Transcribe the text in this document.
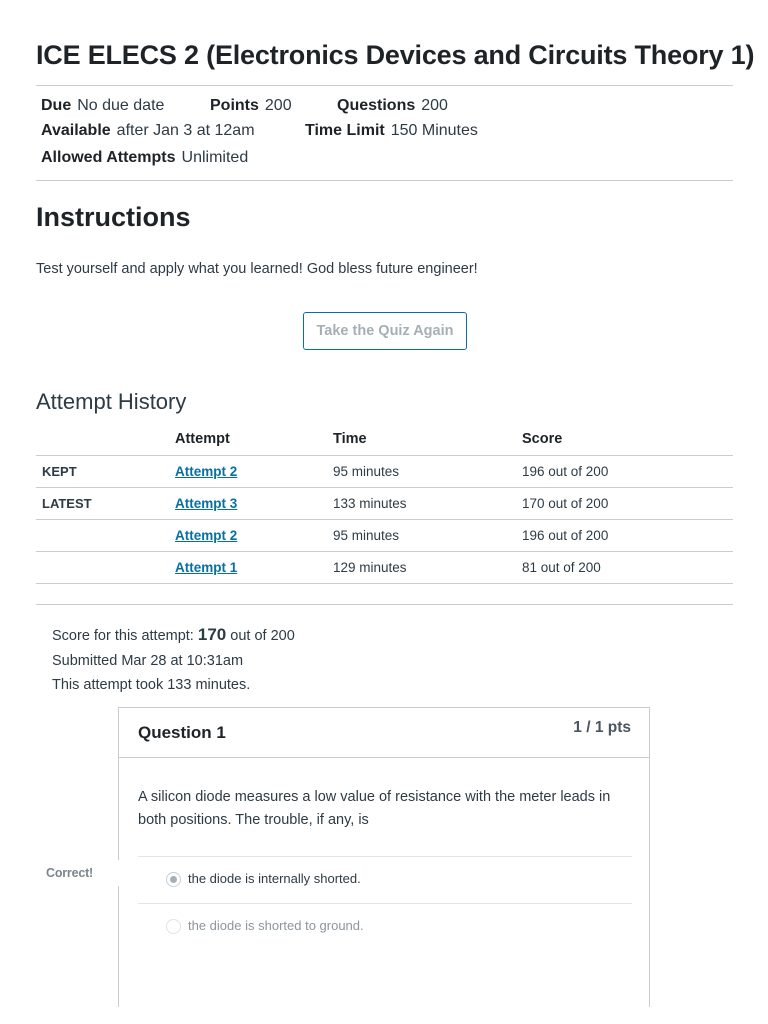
ICE ELECS 2 (Electronics Devices and Circuits Theory 1)
Due No due date	Points 200	Questions 200
Available after Jan 3 at 12am	Time Limit 150 Minutes
Allowed Attempts Unlimited
Instructions
Test yourself and apply what you learned! God bless future engineer!
Take the Quiz Again
Attempt History
	Attempt	Time	Score
KEPT	Attempt 2	95 minutes	196 out of 200
LATEST	Attempt 3	133 minutes	170 out of 200
	Attempt 2	95 minutes	196 out of 200
	Attempt 1	129 minutes	81 out of 200
Score for this attempt: 170 out of 200
Submitted Mar 28 at 10:31am
This attempt took 133 minutes.
Question 1	1 / 1 pts
A silicon diode measures a low value of resistance with the meter leads in both positions. The trouble, if any, is
the diode is internally shorted.
the diode is shorted to ground.
Correct!
